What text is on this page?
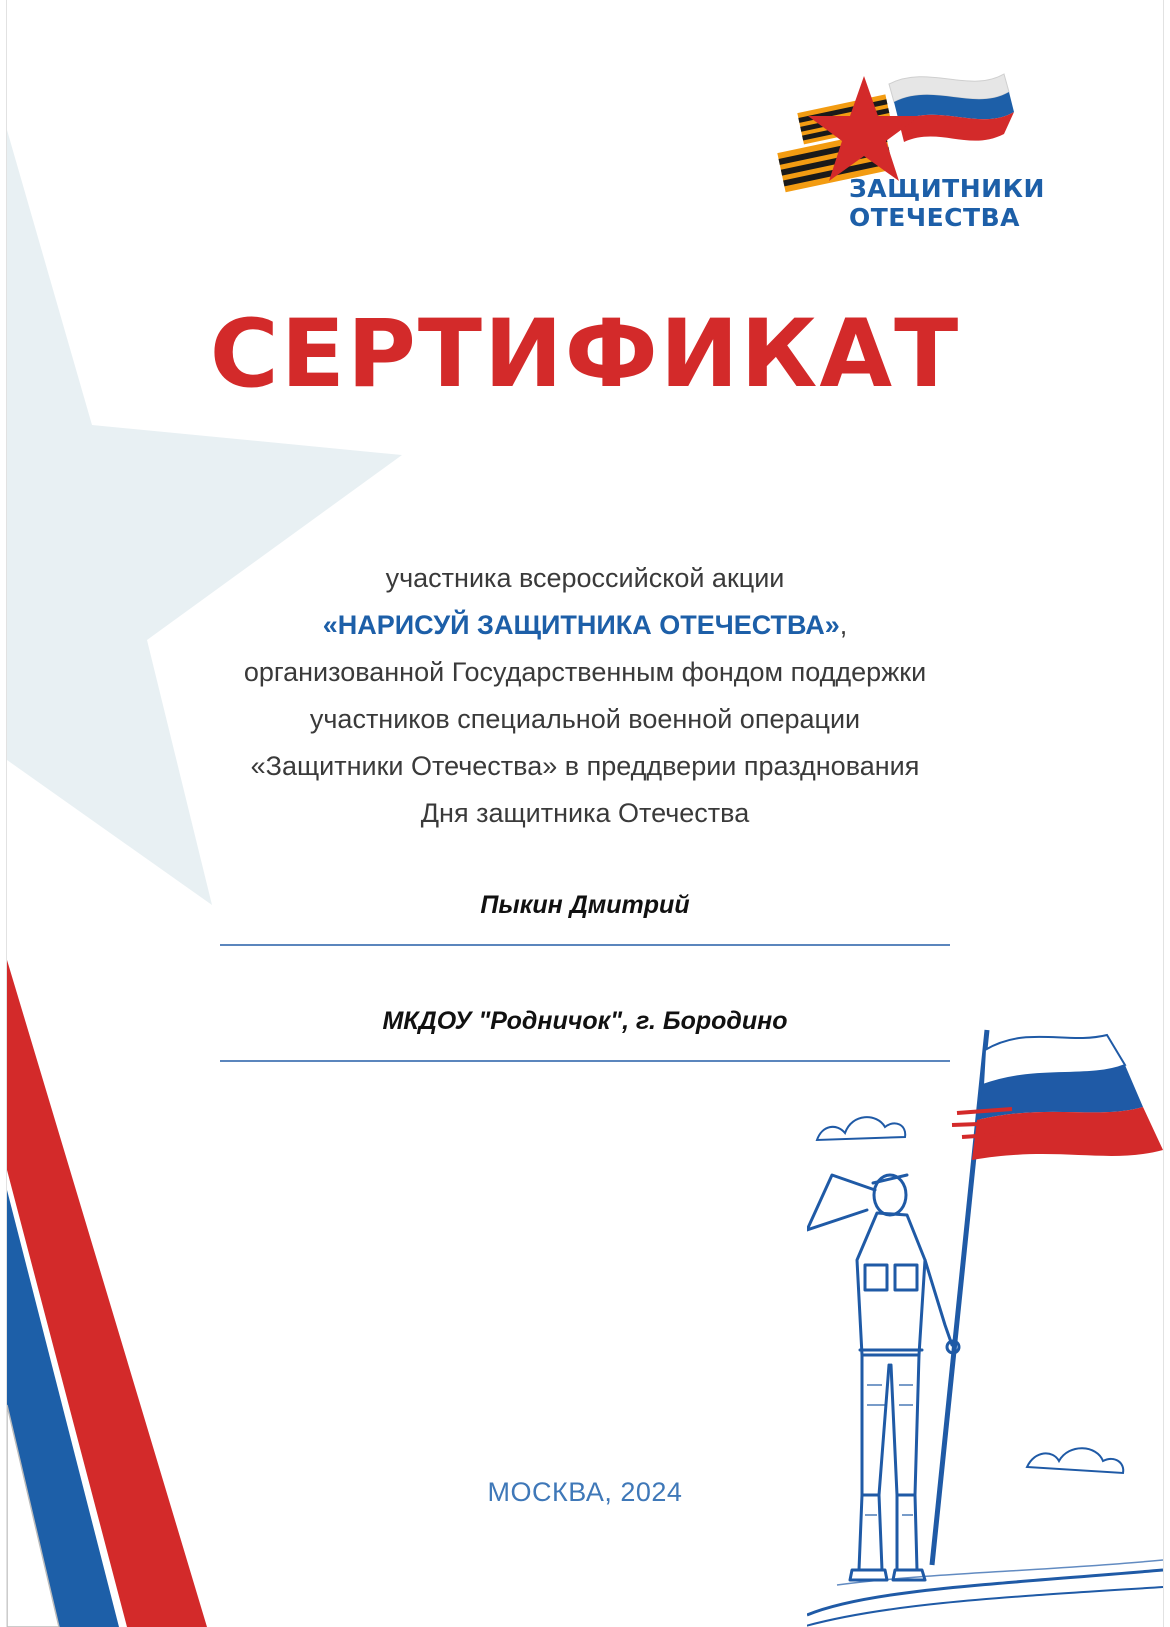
ЗАЩИТНИКИ
ОТЕЧЕСТВА
СЕРТИФИКАТ
участника всероссийской акции
«НАРИСУЙ ЗАЩИТНИКА ОТЕЧЕСТВА»,
организованной Государственным фондом поддержки
участников специальной военной операции
«Защитники Отечества» в преддверии празднования
Дня защитника Отечества
Пыкин Дмитрий
МКДОУ "Родничок", г. Бородино
МОСКВА, 2024
